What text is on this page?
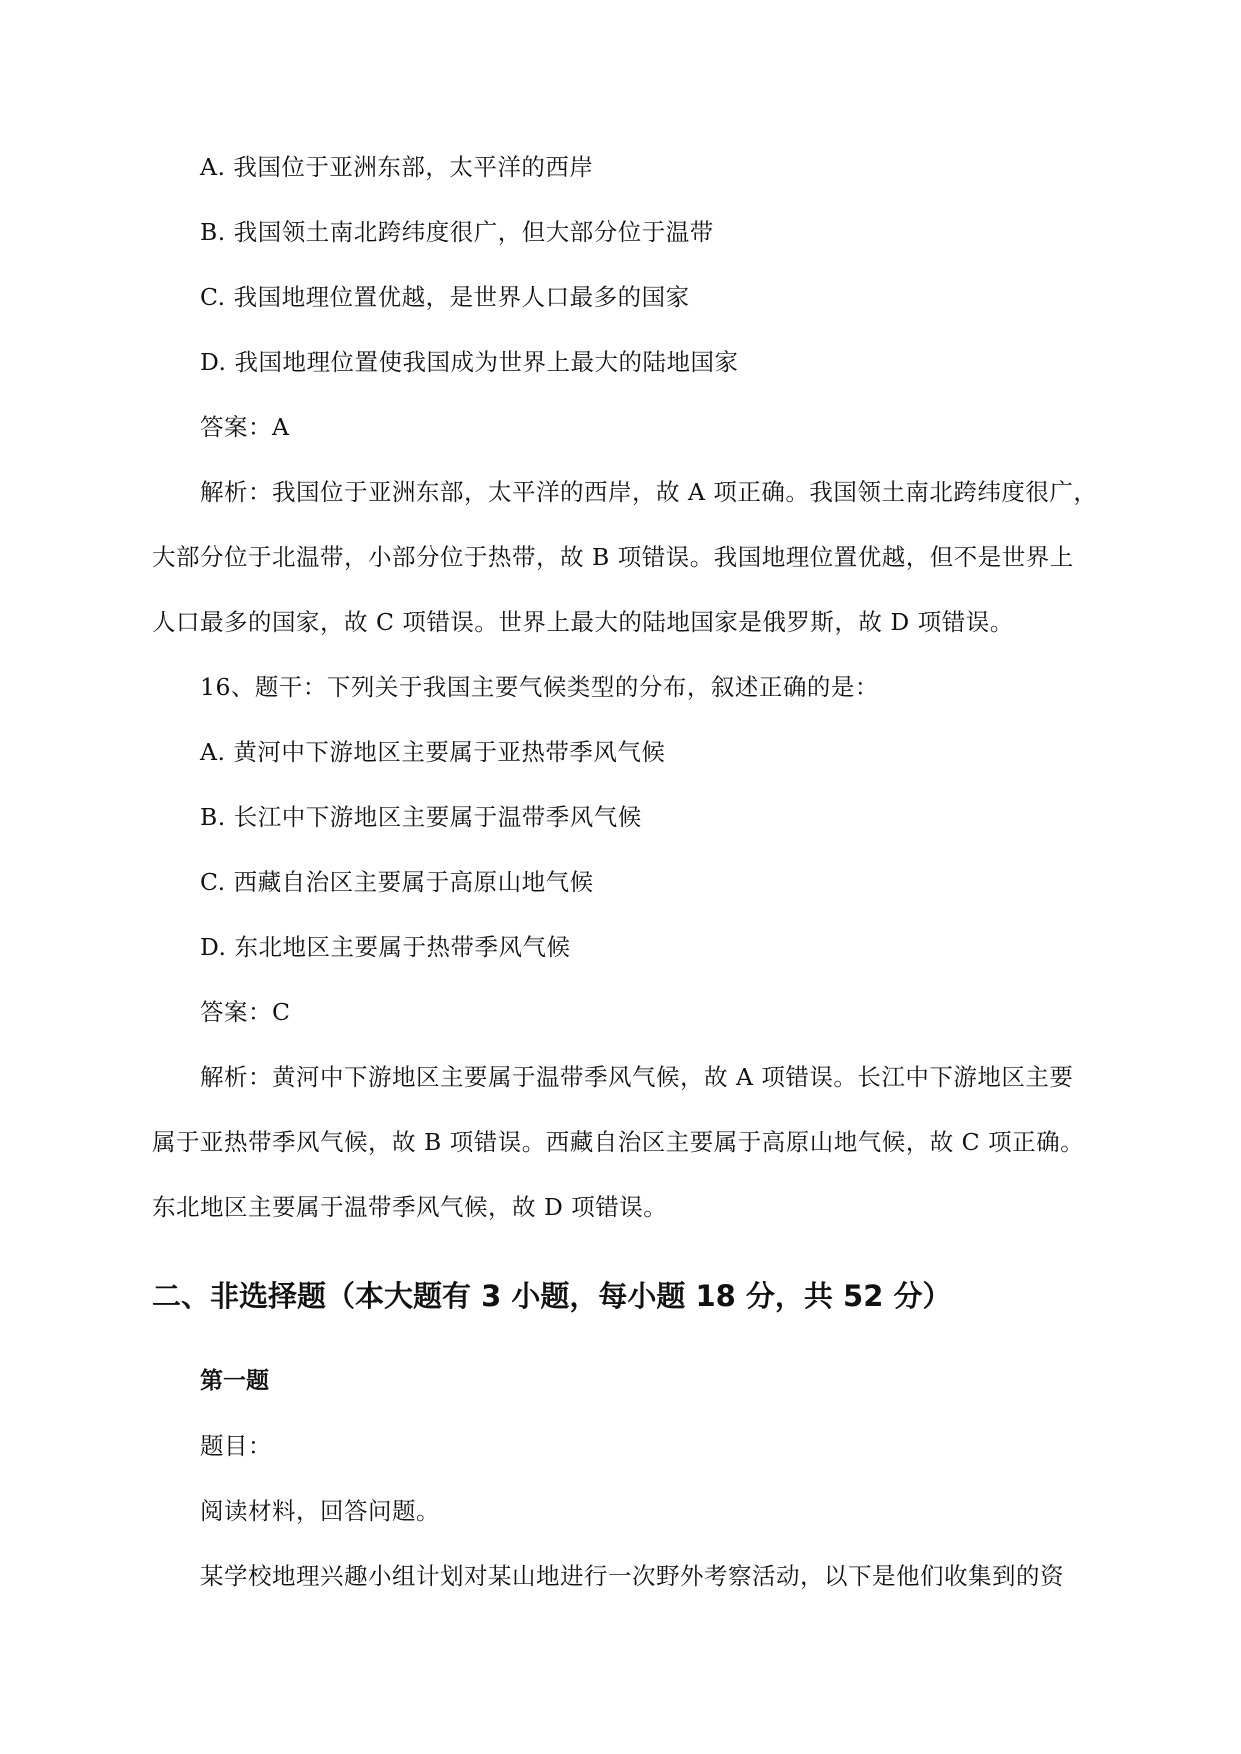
A. 我国位于亚洲东部，太平洋的西岸
B. 我国领土南北跨纬度很广，但大部分位于温带
C. 我国地理位置优越，是世界人口最多的国家
D. 我国地理位置使我国成为世界上最大的陆地国家
答案：A
解析：我国位于亚洲东部，太平洋的西岸，故 A 项正确。我国领土南北跨纬度很广，
大部分位于北温带，小部分位于热带，故 B 项错误。我国地理位置优越，但不是世界上
人口最多的国家，故 C 项错误。世界上最大的陆地国家是俄罗斯，故 D 项错误。
16、题干：下列关于我国主要气候类型的分布，叙述正确的是：
A. 黄河中下游地区主要属于亚热带季风气候
B. 长江中下游地区主要属于温带季风气候
C. 西藏自治区主要属于高原山地气候
D. 东北地区主要属于热带季风气候
答案：C
解析：黄河中下游地区主要属于温带季风气候，故 A 项错误。长江中下游地区主要
属于亚热带季风气候，故 B 项错误。西藏自治区主要属于高原山地气候，故 C 项正确。
东北地区主要属于温带季风气候，故 D 项错误。
二、非选择题（本大题有 3 小题，每小题 18 分，共 52 分）
第一题
题目：
阅读材料，回答问题。
某学校地理兴趣小组计划对某山地进行一次野外考察活动，以下是他们收集到的资
